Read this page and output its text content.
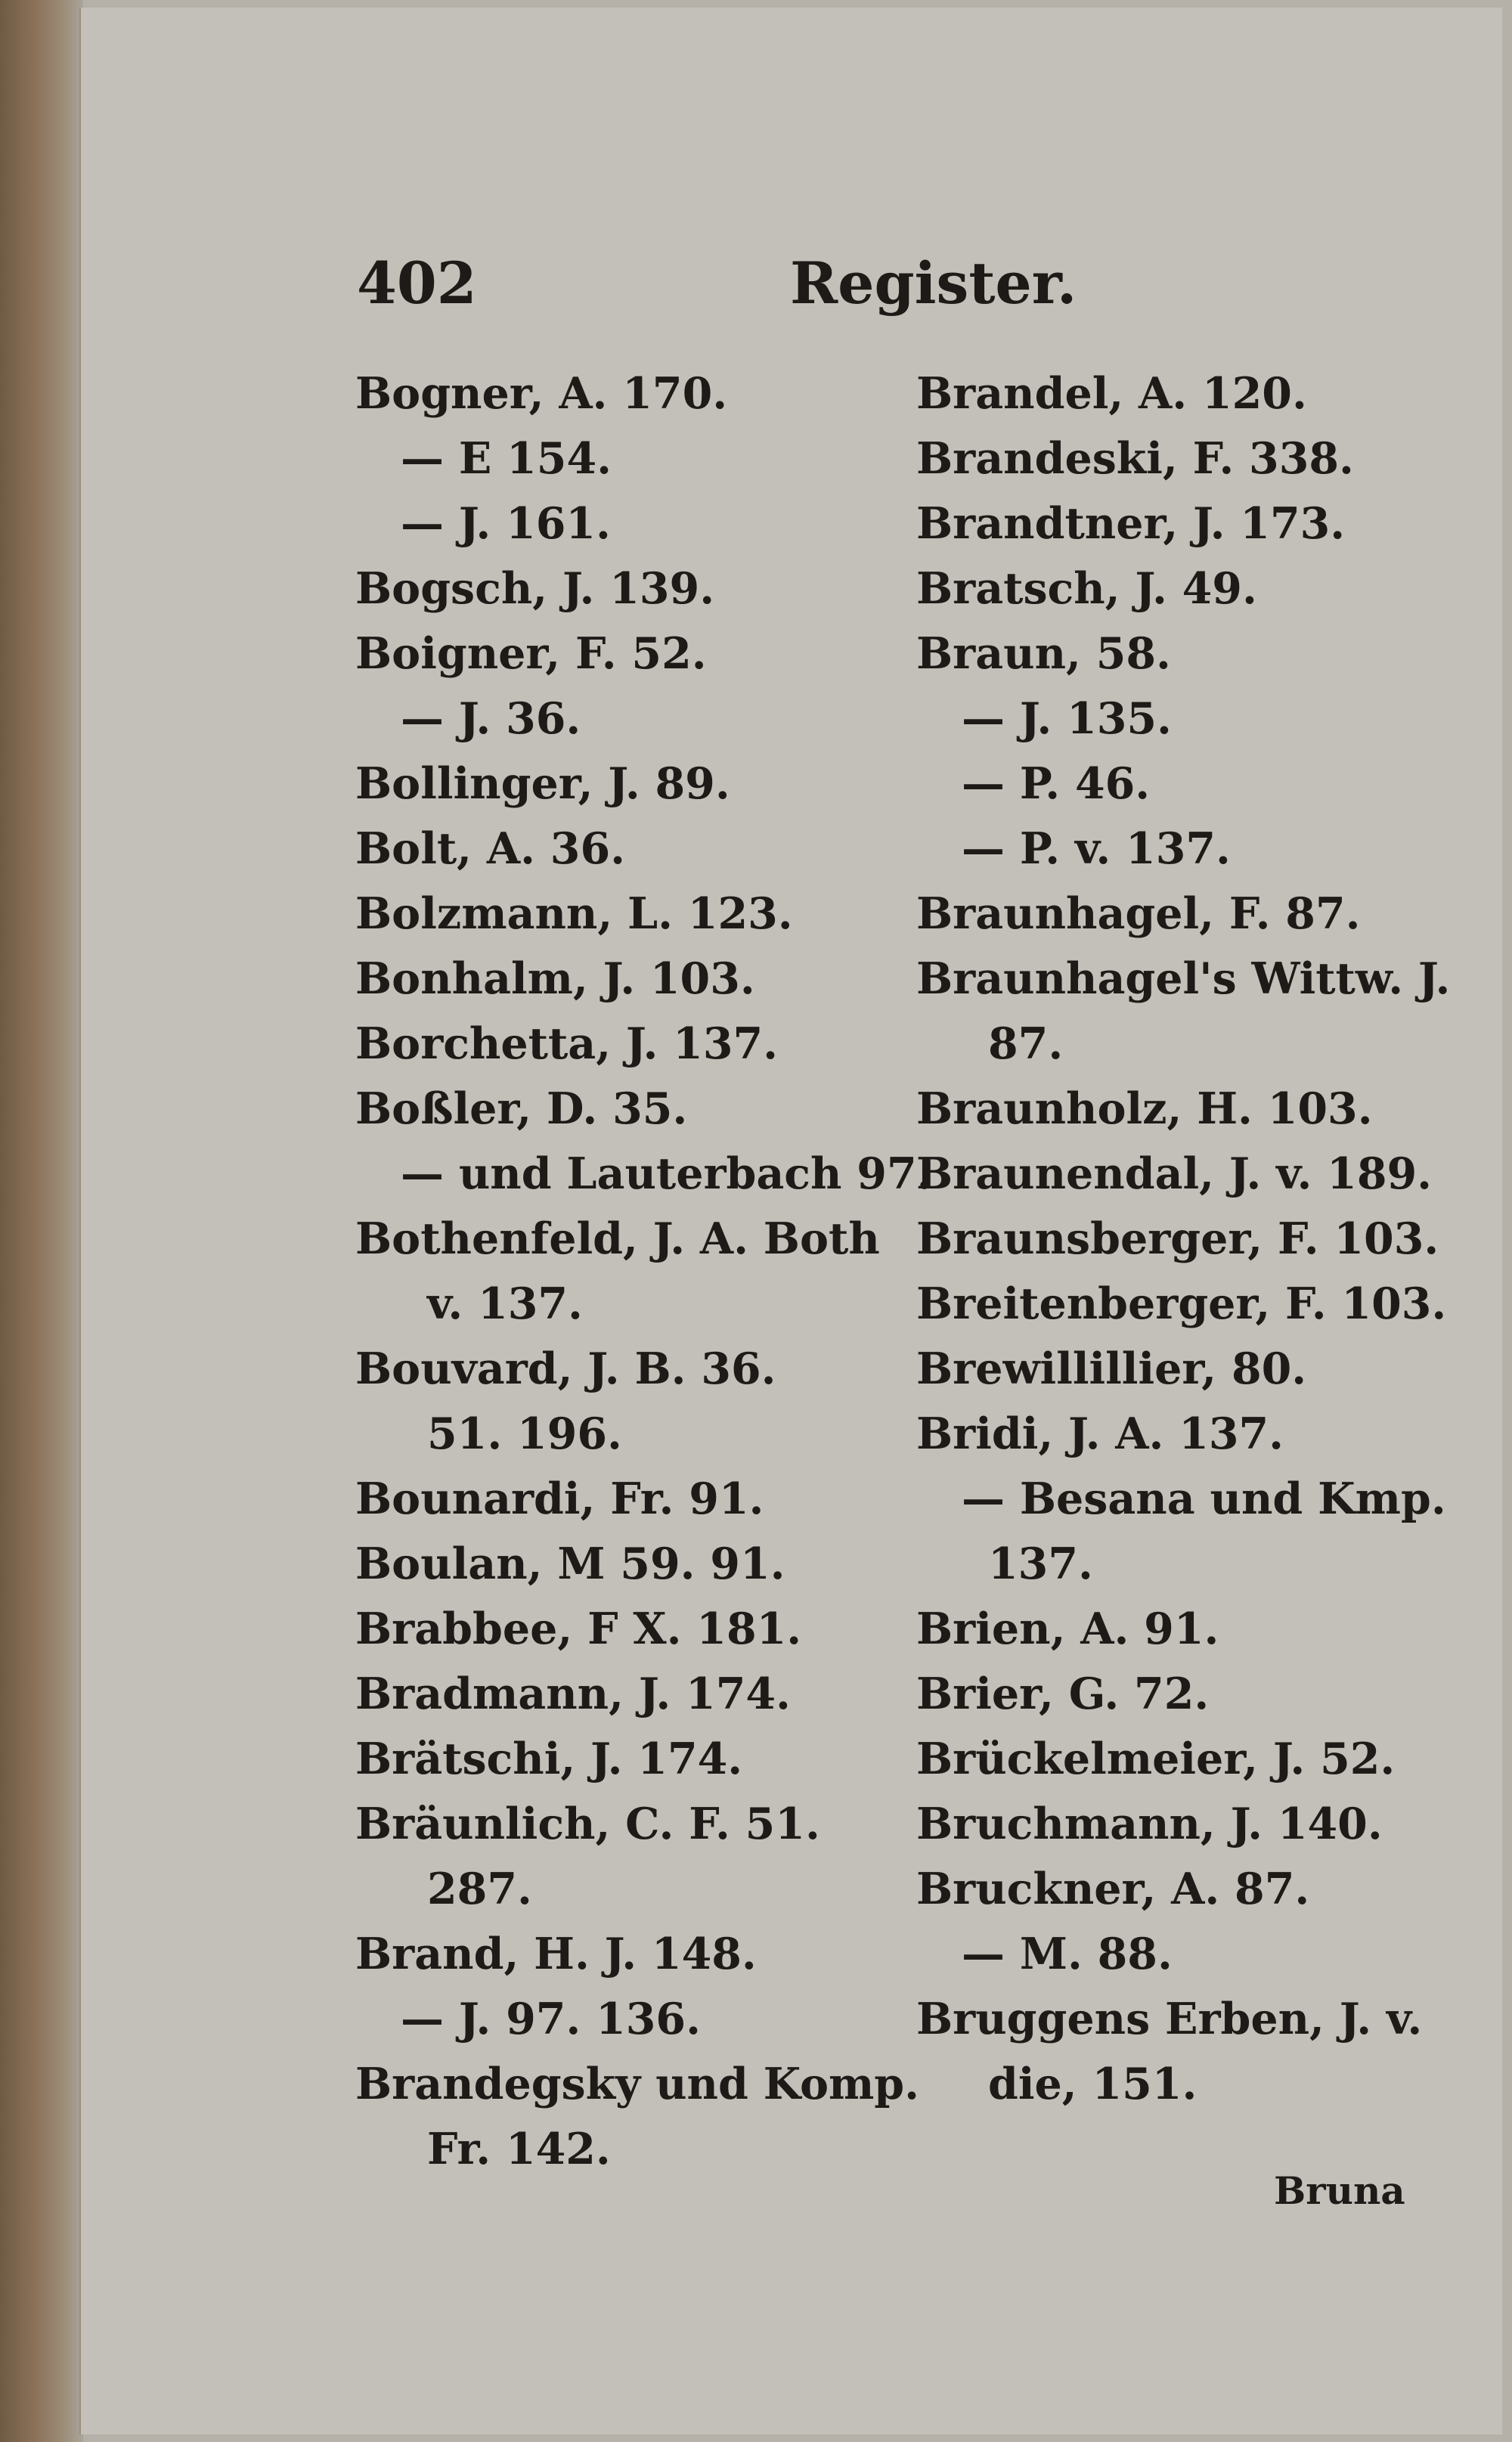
402	Register.
Bogner, A. 170.
— E 154.
— J. 161.
Bogsch, J. 139.
Boigner, F. 52.
— J. 36.
Bollinger, J. 89.
Bolt, A. 36.
Bolzmann, L. 123.
Bonhalm, J. 103.
Borchetta, J. 137.
Boßler, D. 35.
— und Lauterbach 97.
Bothenfeld, J. A. Both
v. 137.
Bouvard, J. B. 36.
51. 196.
Bounardi, Fr. 91.
Boulan, M 59. 91.
Brabbee, F X. 181.
Bradmann, J. 174.
Brätschi, J. 174.
Bräunlich, C. F. 51.
287.
Brand, H. J. 148.
— J. 97. 136.
Brandegsky und Komp.
Fr. 142.
Brandel, A. 120.
Brandeski, F. 338.
Brandtner, J. 173.
Bratsch, J. 49.
Braun, 58.
— J. 135.
— P. 46.
— P. v. 137.
Braunhagel, F. 87.
Braunhagel's Wittw. J.
87.
Braunholz, H. 103.
Braunendal, J. v. 189.
Braunsberger, F. 103.
Breitenberger, F. 103.
Brewillillier, 80.
Bridi, J. A. 137.
— Besana und Kmp.
137.
Brien, A. 91.
Brier, G. 72.
Brückelmeier, J. 52.
Bruchmann, J. 140.
Bruckner, A. 87.
— M. 88.
Bruggens Erben, J. v.
die, 151.
Bruna
